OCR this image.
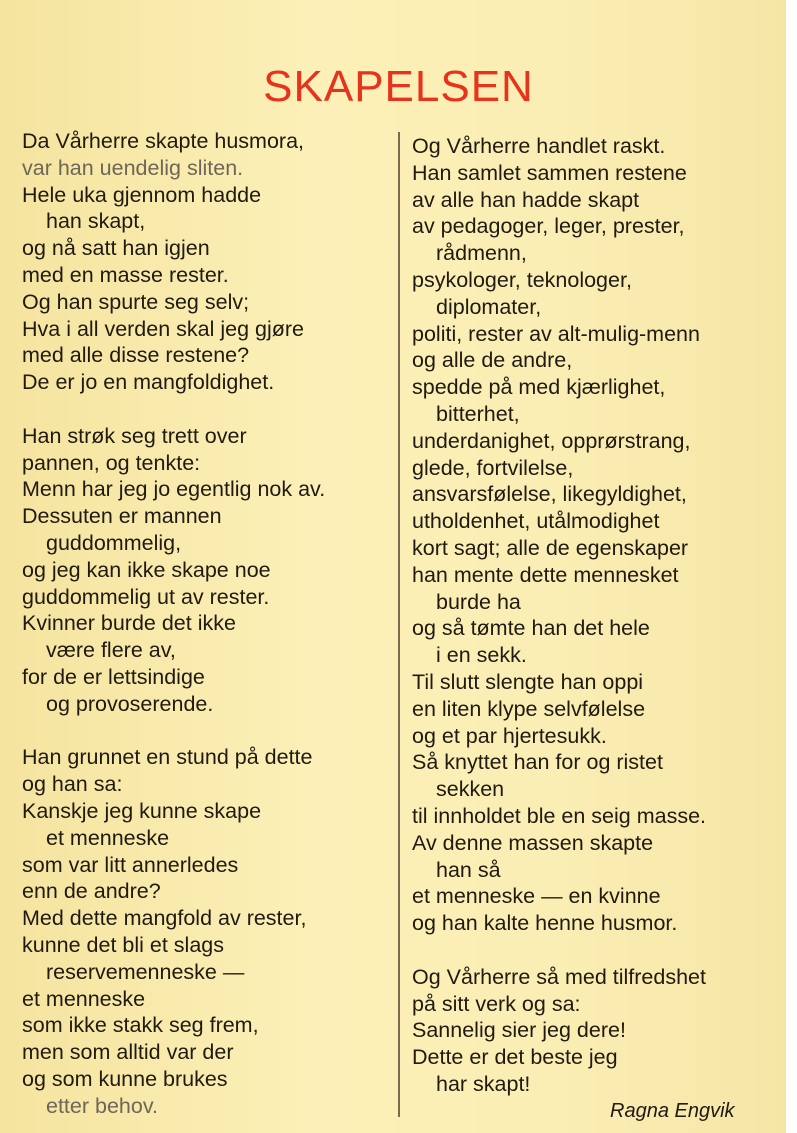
SKAPELSEN
Da Vårherre skapte husmora,
var han uendelig sliten.
Hele uka gjennom hadde
han skapt,
og nå satt han igjen
med en masse rester.
Og han spurte seg selv;
Hva i all verden skal jeg gjøre
med alle disse restene?
De er jo en mangfoldighet.
Han strøk seg trett over
pannen, og tenkte:
Menn har jeg jo egentlig nok av.
Dessuten er mannen
guddommelig,
og jeg kan ikke skape noe
guddommelig ut av rester.
Kvinner burde det ikke
være flere av,
for de er lettsindige
og provoserende.
Han grunnet en stund på dette
og han sa:
Kanskje jeg kunne skape
et menneske
som var litt annerledes
enn de andre?
Med dette mangfold av rester,
kunne det bli et slags
reservemenneske —
et menneske
som ikke stakk seg frem,
men som alltid var der
og som kunne brukes
etter behov.
Og Vårherre handlet raskt.
Han samlet sammen restene
av alle han hadde skapt
av pedagoger, leger, prester,
rådmenn,
psykologer, teknologer,
diplomater,
politi, rester av alt-mulig-menn
og alle de andre,
spedde på med kjærlighet,
bitterhet,
underdanighet, opprørstrang,
glede, fortvilelse,
ansvarsfølelse, likegyldighet,
utholdenhet, utålmodighet
kort sagt; alle de egenskaper
han mente dette mennesket
burde ha
og så tømte han det hele
i en sekk.
Til slutt slengte han oppi
en liten klype selvfølelse
og et par hjertesukk.
Så knyttet han for og ristet
sekken
til innholdet ble en seig masse.
Av denne massen skapte
han så
et menneske — en kvinne
og han kalte henne husmor.
Og Vårherre så med tilfredshet
på sitt verk og sa:
Sannelig sier jeg dere!
Dette er det beste jeg
har skapt!
Ragna Engvik
